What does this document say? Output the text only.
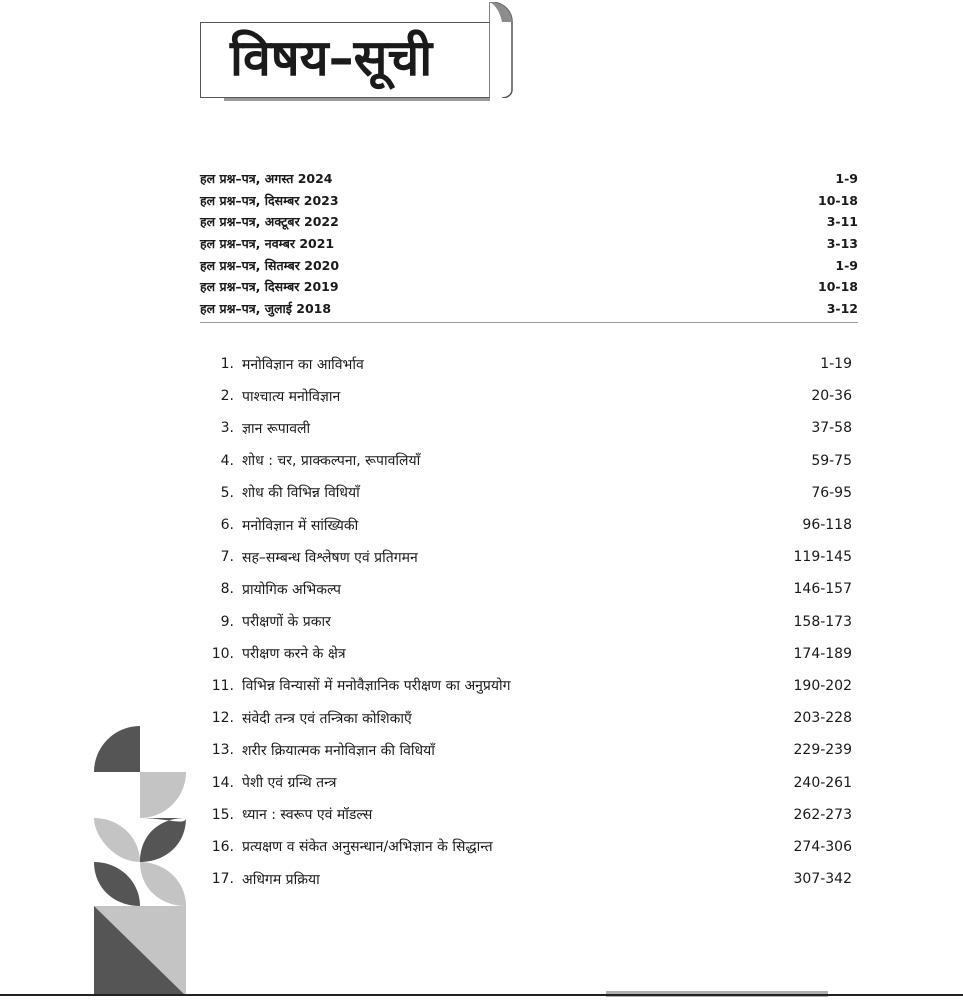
विषय–सूची
हल प्रश्न–पत्र, अगस्त 2024	1-9
हल प्रश्न–पत्र, दिसम्बर 2023	10-18
हल प्रश्न–पत्र, अक्टूबर 2022	3-11
हल प्रश्न–पत्र, नवम्बर 2021	3-13
हल प्रश्न–पत्र, सितम्बर 2020	1-9
हल प्रश्न–पत्र, दिसम्बर 2019	10-18
हल प्रश्न–पत्र, जुलाई 2018	3-12
1. मनोविज्ञान का आविर्भाव	1-19
2. पाश्चात्य मनोविज्ञान	20-36
3. ज्ञान रूपावली	37-58
4. शोध : चर, प्राक्कल्पना, रूपावलियाँ	59-75
5. शोध की विभिन्न विधियाँ	76-95
6. मनोविज्ञान में सांख्यिकी	96-118
7. सह–सम्बन्ध विश्लेषण एवं प्रतिगमन	119-145
8. प्रायोगिक अभिकल्प	146-157
9. परीक्षणों के प्रकार	158-173
10. परीक्षण करने के क्षेत्र	174-189
11. विभिन्न विन्यासों में मनोवैज्ञानिक परीक्षण का अनुप्रयोग	190-202
12. संवेदी तन्त्र एवं तन्त्रिका कोशिकाएँ	203-228
13. शरीर क्रियात्मक मनोविज्ञान की विधियाँ	229-239
14. पेशी एवं ग्रन्थि तन्त्र	240-261
15. ध्यान : स्वरूप एवं मॉडल्स	262-273
16. प्रत्यक्षण व संकेत अनुसन्धान/अभिज्ञान के सिद्धान्त	274-306
17. अधिगम प्रक्रिया	307-342
